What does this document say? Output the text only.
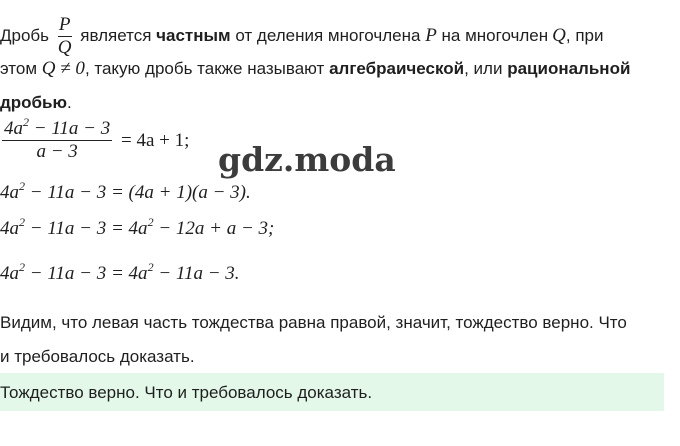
Дробь $\frac{P}{Q}$ является частным от деления многочлена P на многочлен Q, при
этом Q ≠ 0, такую дробь также называют алгебраической, или рациональной
дробью.
$\frac{4a^2 - 11a - 3}{a - 3} = 4a + 1$; gdz.moda
$4a^2 - 11a - 3 = (4a + 1)(a - 3)$.
$4a^2 - 11a - 3 = 4a^2 - 12a + a - 3$;
$4a^2 - 11a - 3 = 4a^2 - 11a - 3$.
Видим, что левая часть тождества равна правой, значит, тождество верно. Что
и требовалось доказать.
Тождество верно. Что и требовалось доказать.
